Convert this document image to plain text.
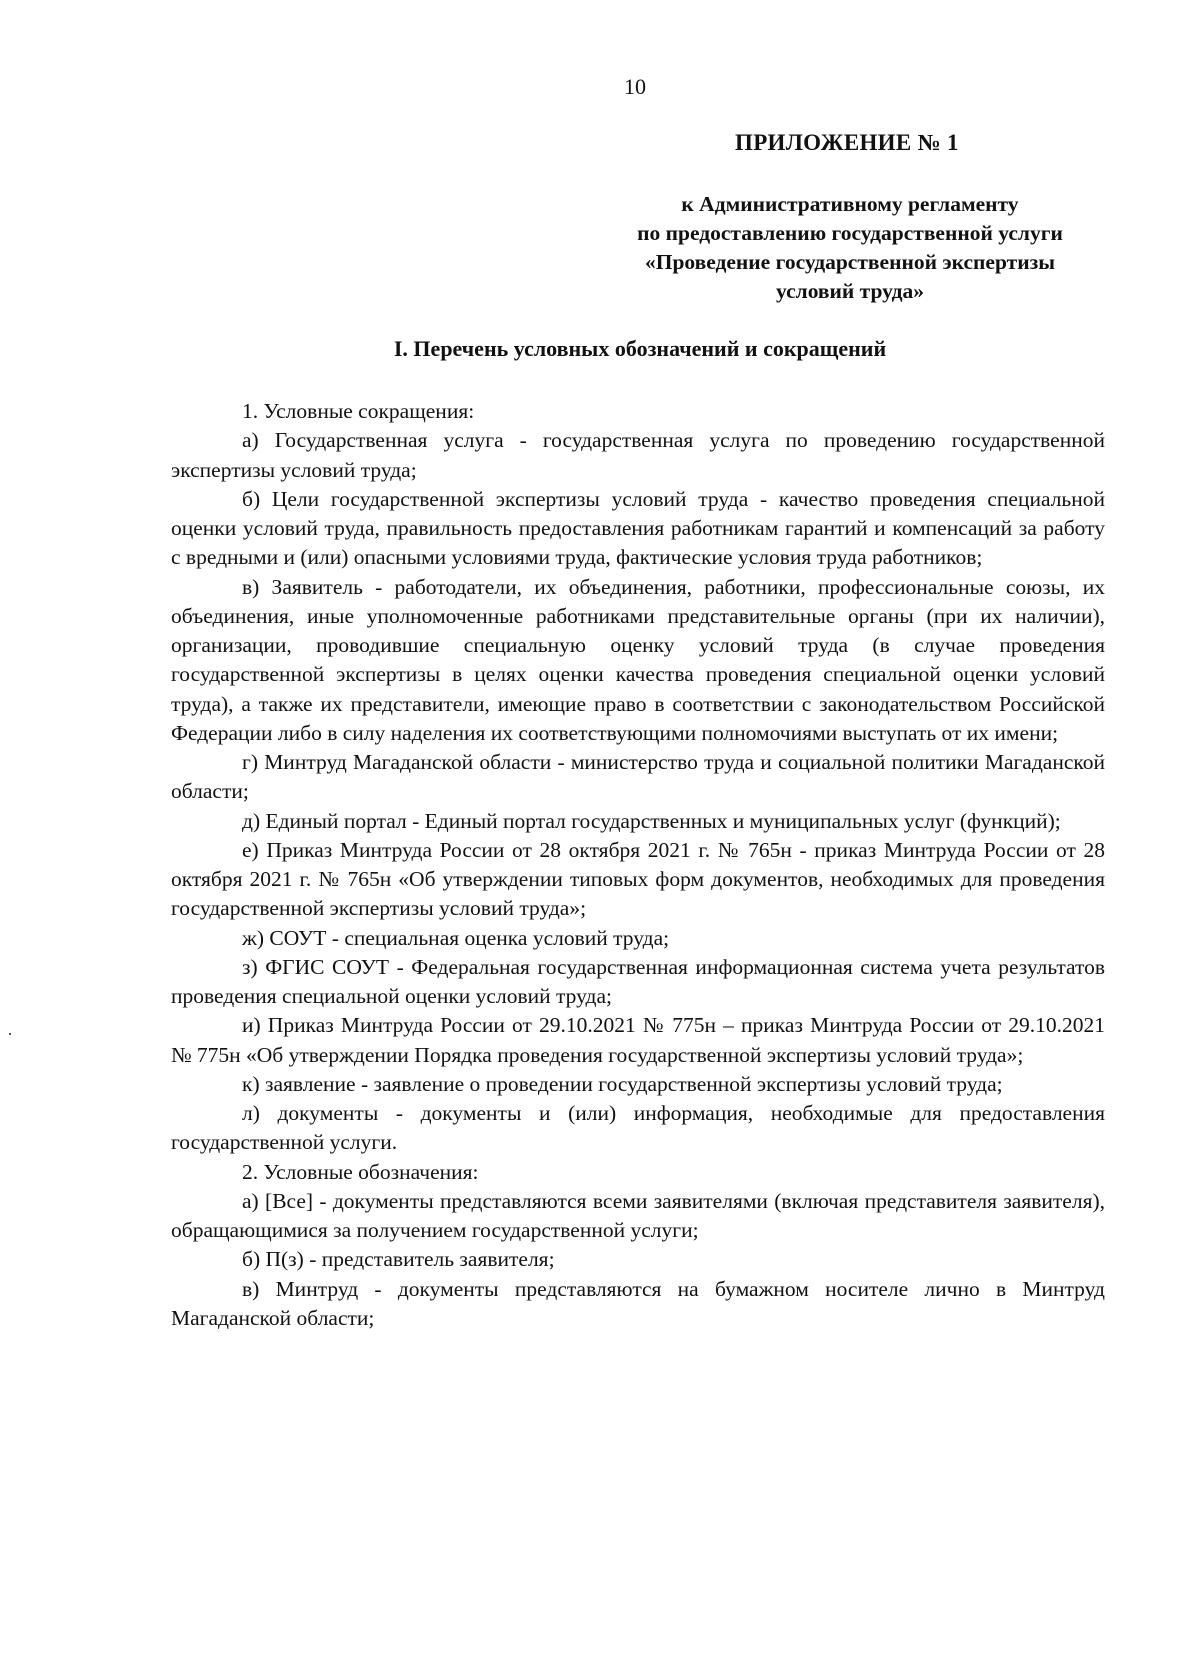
10
ПРИЛОЖЕНИЕ № 1
к Административному регламенту
по предоставлению государственной услуги
«Проведение государственной экспертизы
условий труда»
I. Перечень условных обозначений и сокращений

1. Условные сокращения:

а) Государственная услуга - государственная услуга по проведению государственной экспертизы условий труда;

б) Цели государственной экспертизы условий труда - качество проведения специальной оценки условий труда, правильность предоставления работникам гарантий и компенсаций за работу с вредными и (или) опасными условиями труда, фактические условия труда работников;

в) Заявитель - работодатели, их объединения, работники, профессиональные союзы, их объединения, иные уполномоченные работниками представительные органы (при их наличии), организации, проводившие специальную оценку условий труда (в случае проведения государственной экспертизы в целях оценки качества проведения специальной оценки условий труда), а также их представители, имеющие право в соответствии с законодательством Российской Федерации либо в силу наделения их соответствующими полномочиями выступать от их имени;

г) Минтруд Магаданской области - министерство труда и социальной политики Магаданской области;

д) Единый портал - Единый портал государственных и муниципальных услуг (функций);

е) Приказ Минтруда России от 28 октября 2021 г. № 765н - приказ Минтруда России от 28 октября 2021 г. № 765н «Об утверждении типовых форм документов, необходимых для проведения государственной экспертизы условий труда»;

ж) СОУТ - специальная оценка условий труда;

з) ФГИС СОУТ - Федеральная государственная информационная система учета результатов проведения специальной оценки условий труда;

и) Приказ Минтруда России от 29.10.2021 № 775н – приказ Минтруда России от 29.10.2021 № 775н «Об утверждении Порядка проведения государственной экспертизы условий труда»;

к) заявление - заявление о проведении государственной экспертизы условий труда;

л) документы - документы и (или) информация, необходимые для предоставления государственной услуги.

2. Условные обозначения:

а) [Все] - документы представляются всеми заявителями (включая представителя заявителя), обращающимися за получением государственной услуги;

б) П(з) - представитель заявителя;

в) Минтруд - документы представляются на бумажном носителе лично в Минтруд Магаданской области;
